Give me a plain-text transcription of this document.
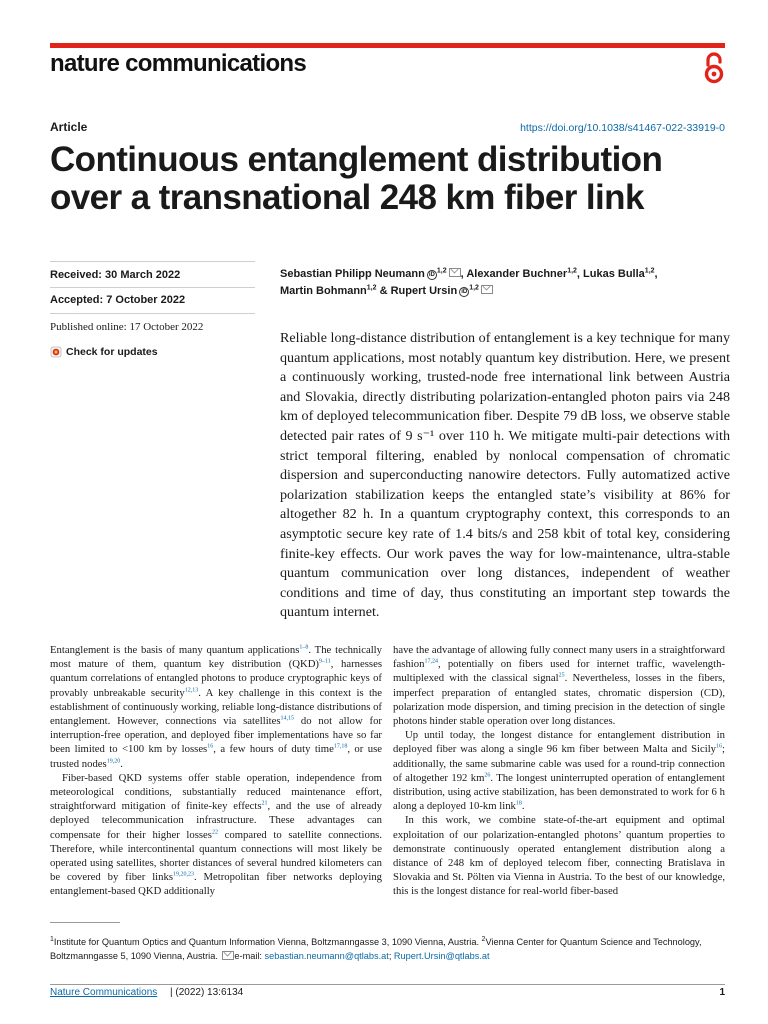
nature communications
Article	https://doi.org/10.1038/s41467-022-33919-0
Continuous entanglement distribution over a transnational 248 km fiber link
Received: 30 March 2022
Accepted: 7 October 2022
Published online: 17 October 2022
Check for updates
Sebastian Philipp Neumann iD$^{1,2}$ , Alexander Buchner$^{1,2}$, Lukas Bulla$^{1,2}$,
Martin Bohmann$^{1,2}$ & Rupert Ursin iD$^{1,2}$
Reliable long-distance distribution of entanglement is a key technique for many quantum applications, most notably quantum key distribution. Here, we present a continuously working, trusted-node free international link between Austria and Slovakia, directly distributing polarization-entangled photon pairs via 248 km of deployed telecommunication fiber. Despite 79 dB loss, we observe stable detected pair rates of 9 s⁻¹ over 110 h. We mitigate multi-pair detections with strict temporal filtering, enabled by nonlocal compensation of chromatic dispersion and superconducting nanowire detectors. Fully automatized active polarization stabilization keeps the entangled state’s visibility at 86% for altogether 82 h. In a quantum cryptography context, this corresponds to an asymptotic secure key rate of 1.4 bits/s and 258 kbit of total key, considering finite-key effects. Our work paves the way for low-maintenance, ultra-stable quantum communication over long distances, independent of weather conditions and time of day, thus constituting an important step towards the quantum internet.

Entanglement is the basis of many quantum applications$^{1-8}$. The technically most mature of them, quantum key distribution (QKD)$^{9-11}$, harnesses quantum correlations of entangled photons to produce cryptographic keys of provably unbreakable security$^{12,13}$. A key challenge in this context is the establishment of continuously working, reliable long-distance distributions of entanglement. However, connections via satellites$^{14,15}$ do not allow for interruption-free operation, and deployed fiber implementations have so far been limited to <100 km by losses$^{16}$, a few hours of duty time$^{17,18}$, or use trusted nodes$^{19,20}$.

Fiber-based QKD systems offer stable operation, independence from meteorological conditions, substantially reduced maintenance effort, straightforward mitigation of finite-key effects$^{21}$, and the use of already deployed telecommunication infrastructure. These advantages can compensate for their higher losses$^{22}$ compared to satellite connections. Therefore, while intercontinental quantum connections will most likely be operated using satellites, shorter distances of several hundred kilometers can be covered by fiber links$^{19,20,23}$. Metropolitan fiber networks deploying entanglement-based QKD additionally

have the advantage of allowing fully connect many users in a straightforward fashion$^{17,24}$, potentially on fibers used for internet traffic, wavelength-multiplexed with the classical signal$^{25}$. Nevertheless, losses in the fibers, imperfect preparation of entangled states, chromatic dispersion (CD), polarization mode dispersion, and timing precision in the detection of single photons hinder stable operation over long distances.

Up until today, the longest distance for entanglement distribution in deployed fiber was along a single 96 km fiber between Malta and Sicily$^{16}$; additionally, the same submarine cable was used for a round-trip connection of altogether 192 km$^{26}$. The longest uninterrupted operation of entanglement distribution, using active stabilization, has been demonstrated to work for 6 h along a deployed 10-km link$^{18}$.

In this work, we combine state-of-the-art equipment and optimal exploitation of our polarization-entangled photons’ quantum properties to demonstrate continuously operated entanglement distribution along a distance of 248 km of deployed telecom fiber, connecting Bratislava in Slovakia and St. Pölten via Vienna in Austria. To the best of our knowledge, this is the longest distance for real-world fiber-based

$^1$Institute for Quantum Optics and Quantum Information Vienna, Boltzmanngasse 3, 1090 Vienna, Austria. $^2$Vienna Center for Quantum Science and Technology, Boltzmanngasse 5, 1090 Vienna, Austria. e-mail: sebastian.neumann@qtlabs.at; Rupert.Ursin@qtlabs.at
Nature Communications | (2022) 13:6134	1
